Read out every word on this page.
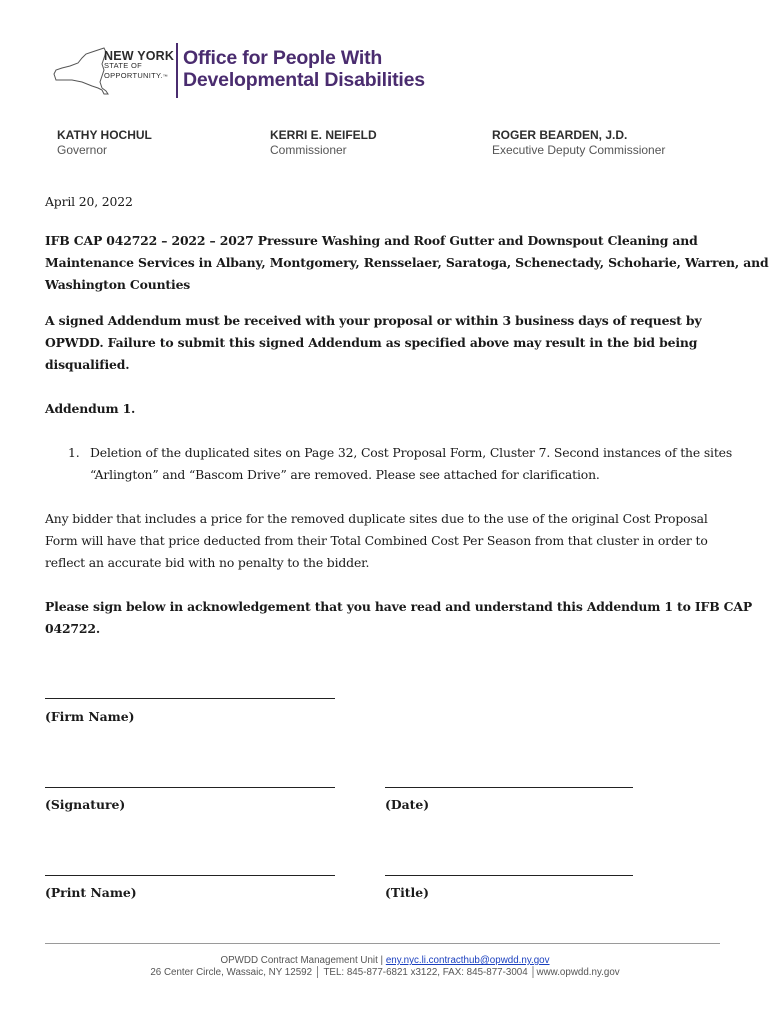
NEW YORK
STATE OF
OPPORTUNITY.™
Office for People With
Developmental Disabilities
KATHY HOCHUL
Governor
KERRI E. NEIFELD
Commissioner
ROGER BEARDEN, J.D.
Executive Deputy Commissioner
April 20, 2022
IFB CAP 042722 – 2022 – 2027 Pressure Washing and Roof Gutter and Downspout Cleaning and
Maintenance Services in Albany, Montgomery, Rensselaer, Saratoga, Schenectady, Schoharie, Warren, and
Washington Counties
A signed Addendum must be received with your proposal or within 3 business days of request by
OPWDD. Failure to submit this signed Addendum as specified above may result in the bid being
disqualified.
Addendum 1.
1. Deletion of the duplicated sites on Page 32, Cost Proposal Form, Cluster 7. Second instances of the sites
“Arlington” and “Bascom Drive” are removed. Please see attached for clarification.
Any bidder that includes a price for the removed duplicate sites due to the use of the original Cost Proposal
Form will have that price deducted from their Total Combined Cost Per Season from that cluster in order to
reflect an accurate bid with no penalty to the bidder.
Please sign below in acknowledgement that you have read and understand this Addendum 1 to IFB CAP
042722.
(Firm Name)
(Signature)	(Date)
(Print Name)	(Title)
OPWDD Contract Management Unit | eny.nyc.li.contracthub@opwdd.ny.gov
26 Center Circle, Wassaic, NY 12592 │ TEL: 845-877-6821 x3122, FAX: 845-877-3004 │www.opwdd.ny.gov
